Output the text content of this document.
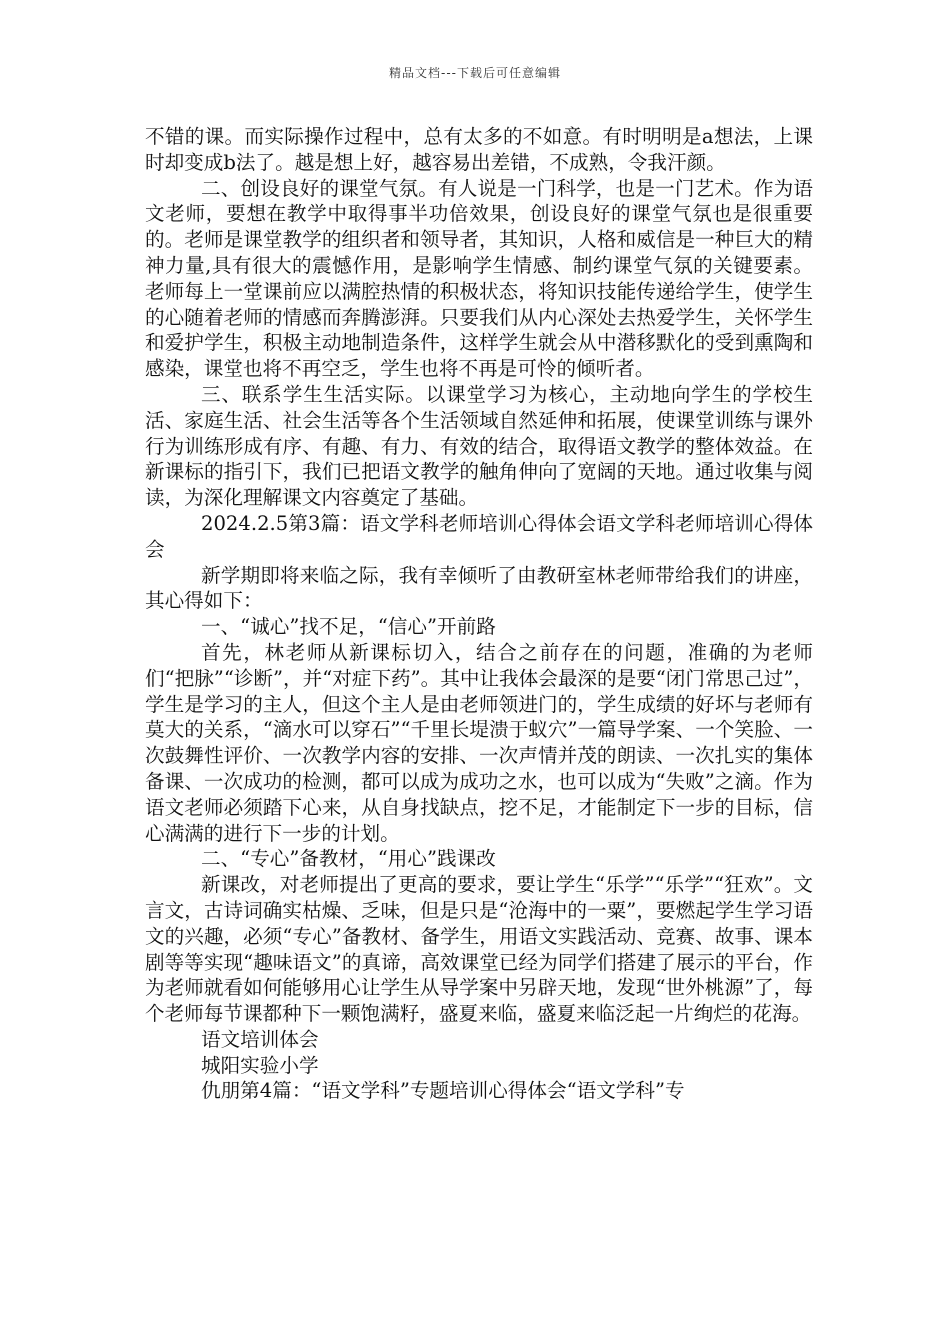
精品文档---下载后可任意编辑

不错的课。而实际操作过程中，总有太多的不如意。有时明明是a想法，上课时却变成b法了。越是想上好，越容易出差错，不成熟，令我汗颜。

二、创设良好的课堂气氛。有人说是一门科学，也是一门艺术。作为语文老师，要想在教学中取得事半功倍效果，创设良好的课堂气氛也是很重要的。老师是课堂教学的组织者和领导者，其知识，人格和威信是一种巨大的精神力量,具有很大的震憾作用，是影响学生情感、制约课堂气氛的关键要素。老师每上一堂课前应以满腔热情的积极状态，将知识技能传递给学生，使学生的心随着老师的情感而奔腾澎湃。只要我们从内心深处去热爱学生，关怀学生和爱护学生，积极主动地制造条件，这样学生就会从中潜移默化的受到熏陶和感染，课堂也将不再空乏，学生也将不再是可怜的倾听者。

三、联系学生生活实际。以课堂学习为核心，主动地向学生的学校生活、家庭生活、社会生活等各个生活领域自然延伸和拓展，使课堂训练与课外行为训练形成有序、有趣、有力、有效的结合，取得语文教学的整体效益。在新课标的指引下，我们已把语文教学的触角伸向了宽阔的天地。通过收集与阅读，为深化理解课文内容奠定了基础。

2024.2.5第3篇：语文学科老师培训心得体会语文学科老师培训心得体会

新学期即将来临之际，我有幸倾听了由教研室林老师带给我们的讲座，其心得如下：

一、“诚心”找不足，“信心”开前路

首先，林老师从新课标切入，结合之前存在的问题，准确的为老师们“把脉”“诊断”，并“对症下药”。其中让我体会最深的是要“闭门常思己过”，学生是学习的主人，但这个主人是由老师领进门的，学生成绩的好坏与老师有莫大的关系，“滴水可以穿石”“千里长堤溃于蚁穴”一篇导学案、一个笑脸、一次鼓舞性评价、一次教学内容的安排、一次声情并茂的朗读、一次扎实的集体备课、一次成功的检测，都可以成为成功之水，也可以成为“失败”之滴。作为语文老师必须踏下心来，从自身找缺点，挖不足，才能制定下一步的目标，信心满满的进行下一步的计划。

二、“专心”备教材，“用心”践课改

新课改，对老师提出了更高的要求，要让学生“乐学”“乐学”“狂欢”。文言文，古诗词确实枯燥、乏味，但是只是“沧海中的一粟”，要燃起学生学习语文的兴趣，必须“专心”备教材、备学生，用语文实践活动、竞赛、故事、课本剧等等实现“趣味语文”的真谛，高效课堂已经为同学们搭建了展示的平台，作为老师就看如何能够用心让学生从导学案中另辟天地，发现“世外桃源”了，每个老师每节课都种下一颗饱满籽，盛夏来临，盛夏来临泛起一片绚烂的花海。

语文培训体会

城阳实验小学

仇朋第4篇：“语文学科”专题培训心得体会“语文学科”专
